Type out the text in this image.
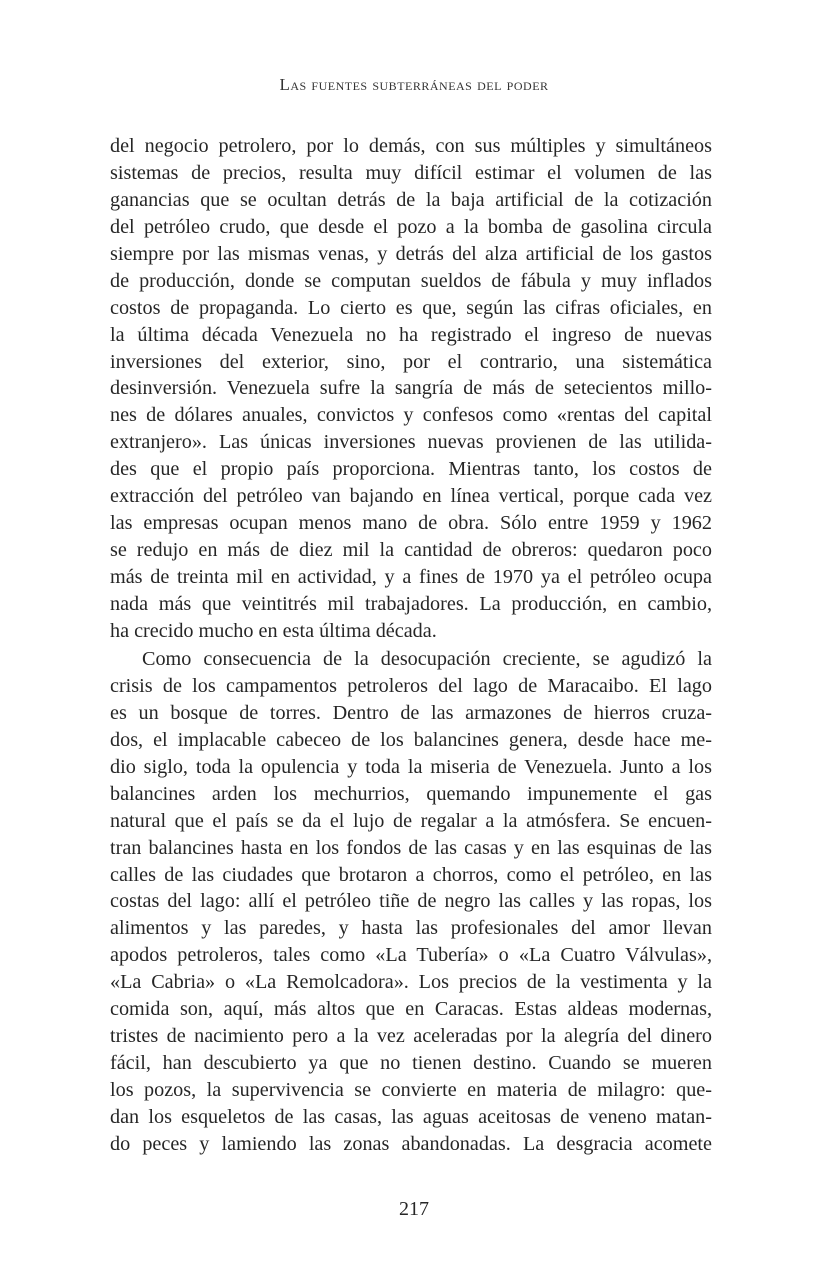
Las fuentes subterráneas del poder
del negocio petrolero, por lo demás, con sus múltiples y simultáneos
sistemas de precios, resulta muy difícil estimar el volumen de las
ganancias que se ocultan detrás de la baja artificial de la cotización
del petróleo crudo, que desde el pozo a la bomba de gasolina circula
siempre por las mismas venas, y detrás del alza artificial de los gastos
de producción, donde se computan sueldos de fábula y muy inflados
costos de propaganda. Lo cierto es que, según las cifras oficiales, en
la última década Venezuela no ha registrado el ingreso de nuevas
inversiones del exterior, sino, por el contrario, una sistemática
desinversión. Venezuela sufre la sangría de más de setecientos millo-
nes de dólares anuales, convictos y confesos como «rentas del capital
extranjero». Las únicas inversiones nuevas provienen de las utilida-
des que el propio país proporciona. Mientras tanto, los costos de
extracción del petróleo van bajando en línea vertical, porque cada vez
las empresas ocupan menos mano de obra. Sólo entre 1959 y 1962
se redujo en más de diez mil la cantidad de obreros: quedaron poco
más de treinta mil en actividad, y a fines de 1970 ya el petróleo ocupa
nada más que veintitrés mil trabajadores. La producción, en cambio,
ha crecido mucho en esta última década.
Como consecuencia de la desocupación creciente, se agudizó la
crisis de los campamentos petroleros del lago de Maracaibo. El lago
es un bosque de torres. Dentro de las armazones de hierros cruza-
dos, el implacable cabeceo de los balancines genera, desde hace me-
dio siglo, toda la opulencia y toda la miseria de Venezuela. Junto a los
balancines arden los mechurrios, quemando impunemente el gas
natural que el país se da el lujo de regalar a la atmósfera. Se encuen-
tran balancines hasta en los fondos de las casas y en las esquinas de las
calles de las ciudades que brotaron a chorros, como el petróleo, en las
costas del lago: allí el petróleo tiñe de negro las calles y las ropas, los
alimentos y las paredes, y hasta las profesionales del amor llevan
apodos petroleros, tales como «La Tubería» o «La Cuatro Válvulas»,
«La Cabria» o «La Remolcadora». Los precios de la vestimenta y la
comida son, aquí, más altos que en Caracas. Estas aldeas modernas,
tristes de nacimiento pero a la vez aceleradas por la alegría del dinero
fácil, han descubierto ya que no tienen destino. Cuando se mueren
los pozos, la supervivencia se convierte en materia de milagro: que-
dan los esqueletos de las casas, las aguas aceitosas de veneno matan-
do peces y lamiendo las zonas abandonadas. La desgracia acomete
217
